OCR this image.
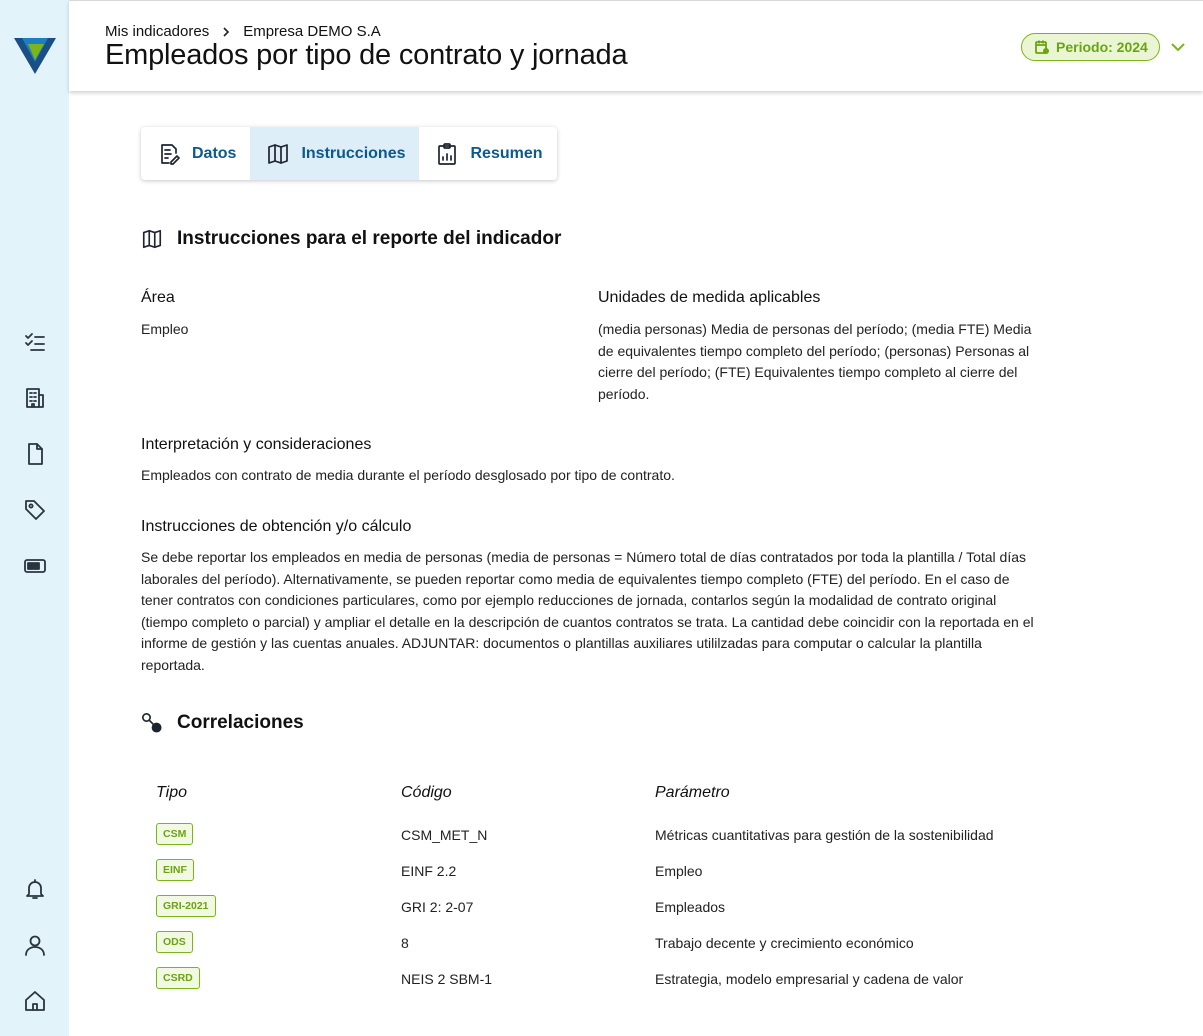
Mis indicadores Empresa DEMO S.A
Empleados por tipo de contrato y jornada	Periodo: 2024
Datos	Instrucciones	Resumen
Instrucciones para el reporte del indicador
Área
Empleo
Unidades de medida aplicables
(media personas) Media de personas del período; (media FTE) Media de equivalentes tiempo completo del período; (personas) Personas al cierre del período; (FTE) Equivalentes tiempo completo al cierre del período.
Interpretación y consideraciones
Empleados con contrato de media durante el período desglosado por tipo de contrato.
Instrucciones de obtención y/o cálculo
Se debe reportar los empleados en media de personas (media de personas = Número total de días contratados por toda la plantilla / Total días laborales del período). Alternativamente, se pueden reportar como media de equivalentes tiempo completo (FTE) del período. En el caso de tener contratos con condiciones particulares, como por ejemplo reducciones de jornada, contarlos según la modalidad de contrato original (tiempo completo o parcial) y ampliar el detalle en la descripción de cuantos contratos se trata. La cantidad debe coincidir con la reportada en el informe de gestión y las cuentas anuales. ADJUNTAR: documentos o plantillas auxiliares utililzadas para computar o calcular la plantilla reportada.
Correlaciones
Tipo	Código	Parámetro
CSM	CSM_MET_N	Métricas cuantitativas para gestión de la sostenibilidad
EINF	EINF 2.2	Empleo
GRI-2021	GRI 2: 2-07	Empleados
ODS	8	Trabajo decente y crecimiento económico
CSRD	NEIS 2 SBM-1	Estrategia, modelo empresarial y cadena de valor
